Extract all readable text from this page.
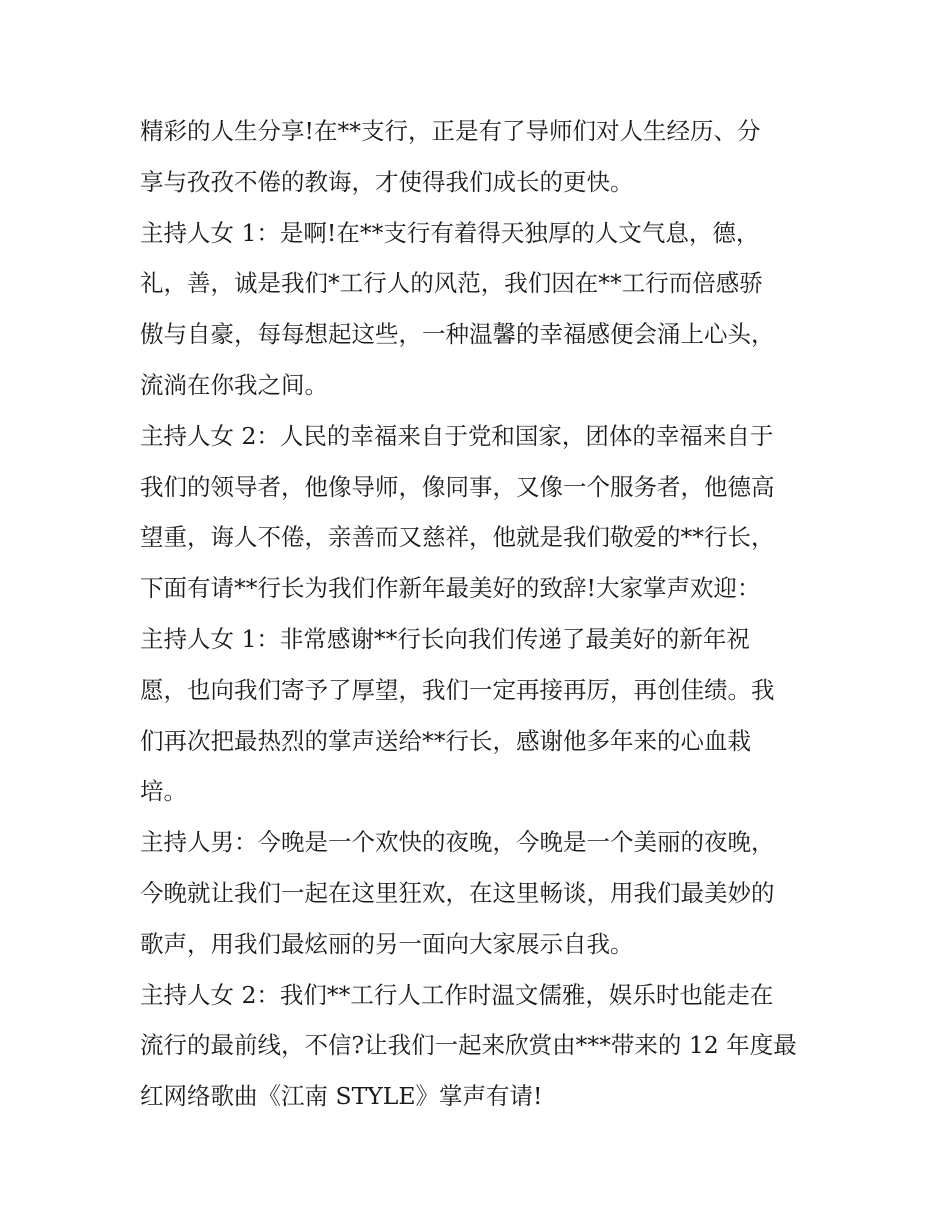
精彩的人生分享!在**支行，正是有了导师们对人生经历、分
享与孜孜不倦的教诲，才使得我们成长的更快。
主持人女 1：是啊!在**支行有着得天独厚的人文气息，德，
礼，善，诚是我们*工行人的风范，我们因在**工行而倍感骄
傲与自豪，每每想起这些，一种温馨的幸福感便会涌上心头，
流淌在你我之间。
主持人女 2：人民的幸福来自于党和国家，团体的幸福来自于
我们的领导者，他像导师，像同事，又像一个服务者，他德高
望重，诲人不倦，亲善而又慈祥，他就是我们敬爱的**行长，
下面有请**行长为我们作新年最美好的致辞!大家掌声欢迎：
主持人女 1：非常感谢**行长向我们传递了最美好的新年祝
愿，也向我们寄予了厚望，我们一定再接再厉，再创佳绩。我
们再次把最热烈的掌声送给**行长，感谢他多年来的心血栽
培。
主持人男：今晚是一个欢快的夜晚，今晚是一个美丽的夜晚，
今晚就让我们一起在这里狂欢，在这里畅谈，用我们最美妙的
歌声，用我们最炫丽的另一面向大家展示自我。
主持人女 2：我们**工行人工作时温文儒雅，娱乐时也能走在
流行的最前线，不信?让我们一起来欣赏由***带来的 12 年度最
红网络歌曲《江南 STYLE》掌声有请!
